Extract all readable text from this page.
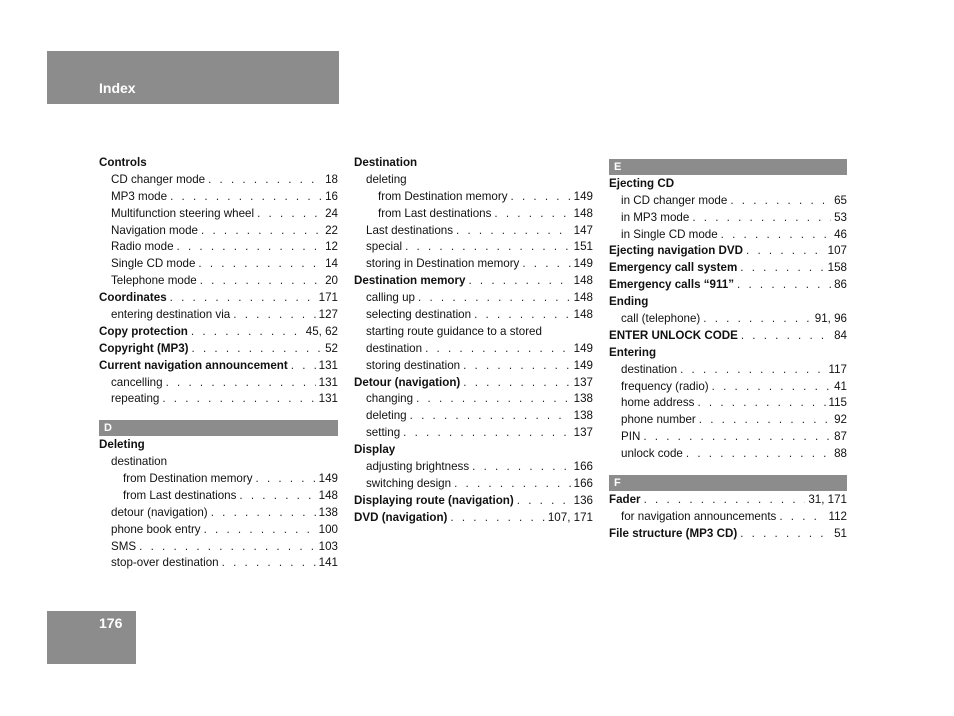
Index
Controls
CD changer mode . . .	18
MP3 mode . . .	16
Multifunction steering wheel . . .	24
Navigation mode . . .	22
Radio mode . . .	12
Single CD mode . . .	14
Telephone mode . . .	20
Coordinates . . .	171
entering destination via . . .	127
Copy protection . . .	45, 62
Copyright (MP3) . . .	52
Current navigation announcement . . .	131
cancelling . . .	131
repeating . . .	131
D
Deleting
destination
from Destination memory . . .	149
from Last destinations . . .	148
detour (navigation) . . .	138
phone book entry . . .	100
SMS . . .	103
stop-over destination . . .	141
Destination
deleting
from Destination memory . . .	149
from Last destinations . . .	148
Last destinations . . .	147
special . . .	151
storing in Destination memory . . .	149
Destination memory . . .	148
calling up . . .	148
selecting destination . . .	148
starting route guidance to a stored
destination . . .	149
storing destination . . .	149
Detour (navigation) . . .	137
changing . . .	138
deleting . . .	138
setting . . .	137
Display
adjusting brightness . . .	166
switching design . . .	166
Displaying route (navigation) . . .	136
DVD (navigation) . . .	107, 171
E
Ejecting CD
in CD changer mode . . .	65
in MP3 mode . . .	53
in Single CD mode . . .	46
Ejecting navigation DVD . . .	107
Emergency call system . . .	158
Emergency calls “911” . . .	86
Ending
call (telephone) . . .	91, 96
ENTER UNLOCK CODE . . .	84
Entering
destination . . .	117
frequency (radio) . . .	41
home address . . .	115
phone number . . .	92
PIN . . .	87
unlock code . . .	88
F
Fader . . .	31, 171
for navigation announcements . . .	112
File structure (MP3 CD) . . .	51
176
